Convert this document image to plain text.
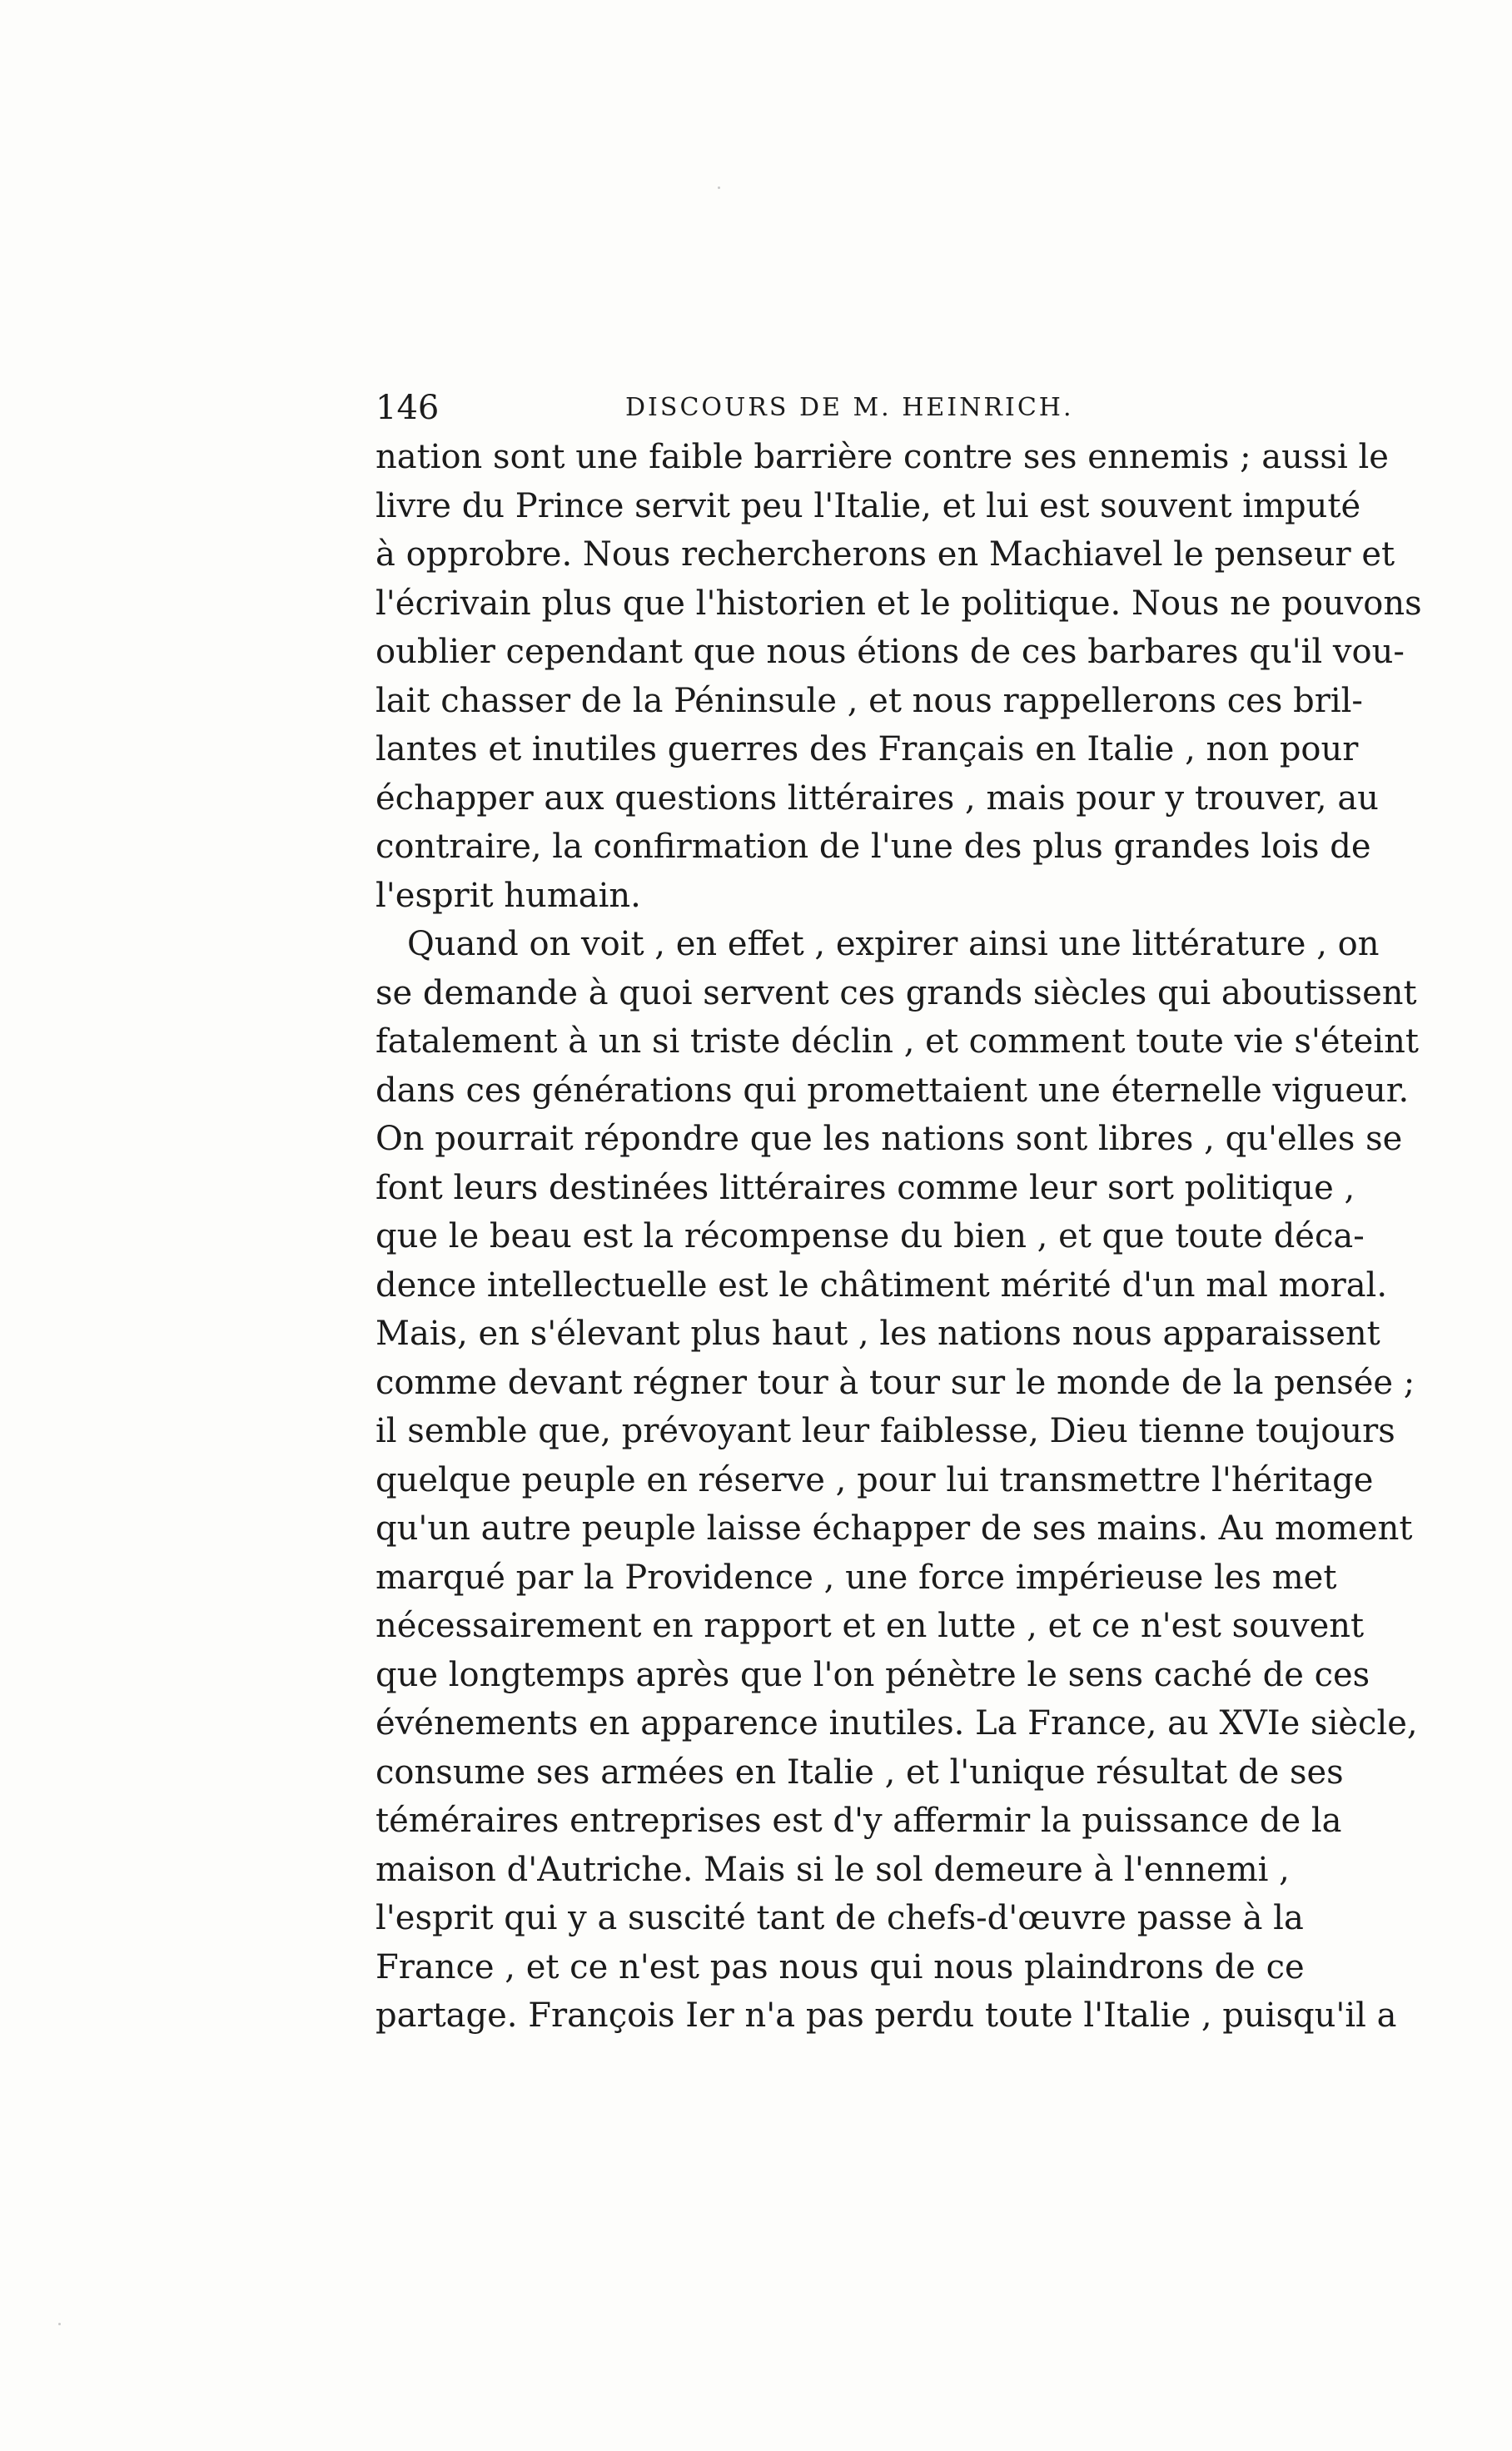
146	DISCOURS DE M. HEINRICH.
nation sont une faible barrière contre ses ennemis ; aussi le
livre du Prince servit peu l'Italie, et lui est souvent imputé
à opprobre. Nous rechercherons en Machiavel le penseur et
l'écrivain plus que l'historien et le politique. Nous ne pouvons
oublier cependant que nous étions de ces barbares qu'il vou-
lait chasser de la Péninsule , et nous rappellerons ces bril-
lantes et inutiles guerres des Français en Italie , non pour
échapper aux questions littéraires , mais pour y trouver, au
contraire, la confirmation de l'une des plus grandes lois de
l'esprit humain.
Quand on voit , en effet , expirer ainsi une littérature , on
se demande à quoi servent ces grands siècles qui aboutissent
fatalement à un si triste déclin , et comment toute vie s'éteint
dans ces générations qui promettaient une éternelle vigueur.
On pourrait répondre que les nations sont libres , qu'elles se
font leurs destinées littéraires comme leur sort politique ,
que le beau est la récompense du bien , et que toute déca-
dence intellectuelle est le châtiment mérité d'un mal moral.
Mais, en s'élevant plus haut , les nations nous apparaissent
comme devant régner tour à tour sur le monde de la pensée ;
il semble que, prévoyant leur faiblesse, Dieu tienne toujours
quelque peuple en réserve , pour lui transmettre l'héritage
qu'un autre peuple laisse échapper de ses mains. Au moment
marqué par la Providence , une force impérieuse les met
nécessairement en rapport et en lutte , et ce n'est souvent
que longtemps après que l'on pénètre le sens caché de ces
événements en apparence inutiles. La France, au XVIe siècle,
consume ses armées en Italie , et l'unique résultat de ses
téméraires entreprises est d'y affermir la puissance de la
maison d'Autriche. Mais si le sol demeure à l'ennemi ,
l'esprit qui y a suscité tant de chefs-d'œuvre passe à la
France , et ce n'est pas nous qui nous plaindrons de ce
partage. François Ier n'a pas perdu toute l'Italie , puisqu'il a
